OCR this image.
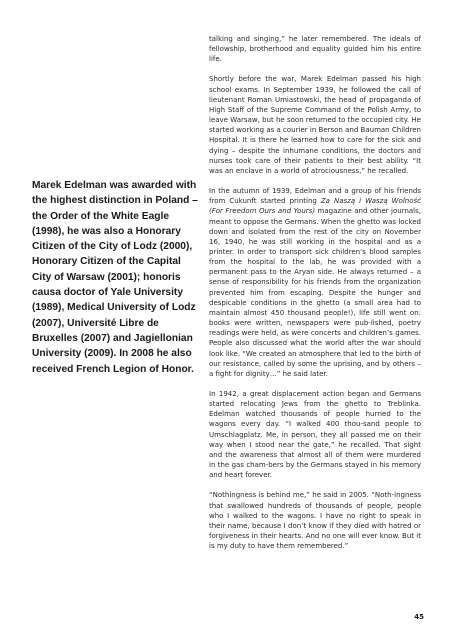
Marek Edelman was awarded with the highest distinction in Poland – the Order of the White Eagle (1998), he was also a Honorary Citizen of the City of Lodz (2000), Honorary Citizen of the Capital City of Warsaw (2001); honoris causa doctor of Yale University (1989), Medical University of Lodz (2007), Université Libre de Bruxelles (2007) and Jagiellonian University (2009). In 2008 he also received French Legion of Honor.

talking and singing,” he later remembered. The ideals of fellowship, brotherhood and equality guided him his entire life.

Shortly before the war, Marek Edelman passed his high school exams. In September 1939, he followed the call of lieutenant Roman Umiastowski, the head of propaganda of High Staff of the Supreme Command of the Polish Army, to leave Warsaw, but he soon returned to the occupied city. He started working as a courier in Berson and Bauman Children Hospital. It is there he learned how to care for the sick and dying – despite the inhumane conditions, the doctors and nurses took care of their patients to their best ability. “It was an enclave in a world of atrociousness,” he recalled.

In the autumn of 1939, Edelman and a group of his friends from Cukunft started printing Za Naszą i Waszą Wolność (For Freedom Ours and Yours) magazine and other journals, meant to oppose the Germans. When the ghetto was locked down and isolated from the rest of the city on November 16, 1940, he was still working in the hospital and as a printer. In order to transport sick children’s blood samples from the hospital to the lab, he was provided with a permanent pass to the Aryan side. He always returned – a sense of responsibility for his friends from the organization prevented him from escaping. Despite the hunger and despicable conditions in the ghetto (a small area had to maintain almost 450 thousand people!), life still went on: books were written, newspapers were pub-lished, poetry readings were held, as were concerts and children’s games. People also discussed what the world after the war should look like. “We created an atmosphere that led to the birth of our resistance, called by some the uprising, and by others – a fight for dignity…” he said later.

In 1942, a great displacement action began and Germans started relocating Jews from the ghetto to Treblinka. Edelman watched thousands of people hurried to the wagons every day. “I walked 400 thou-sand people to Umschlagplatz. Me, in person, they all passed me on their way when I stood near the gate,” he recalled. That sight and the awareness that almost all of them were murdered in the gas cham-bers by the Germans stayed in his memory and heart forever.

“Nothingness is behind me,” he said in 2005. “Noth-ingness that swallowed hundreds of thousands of people, people who I walked to the wagons. I have no right to speak in their name, because I don’t know if they died with hatred or forgiveness in their hearts. And no one will ever know. But it is my duty to have them remembered.”

45
